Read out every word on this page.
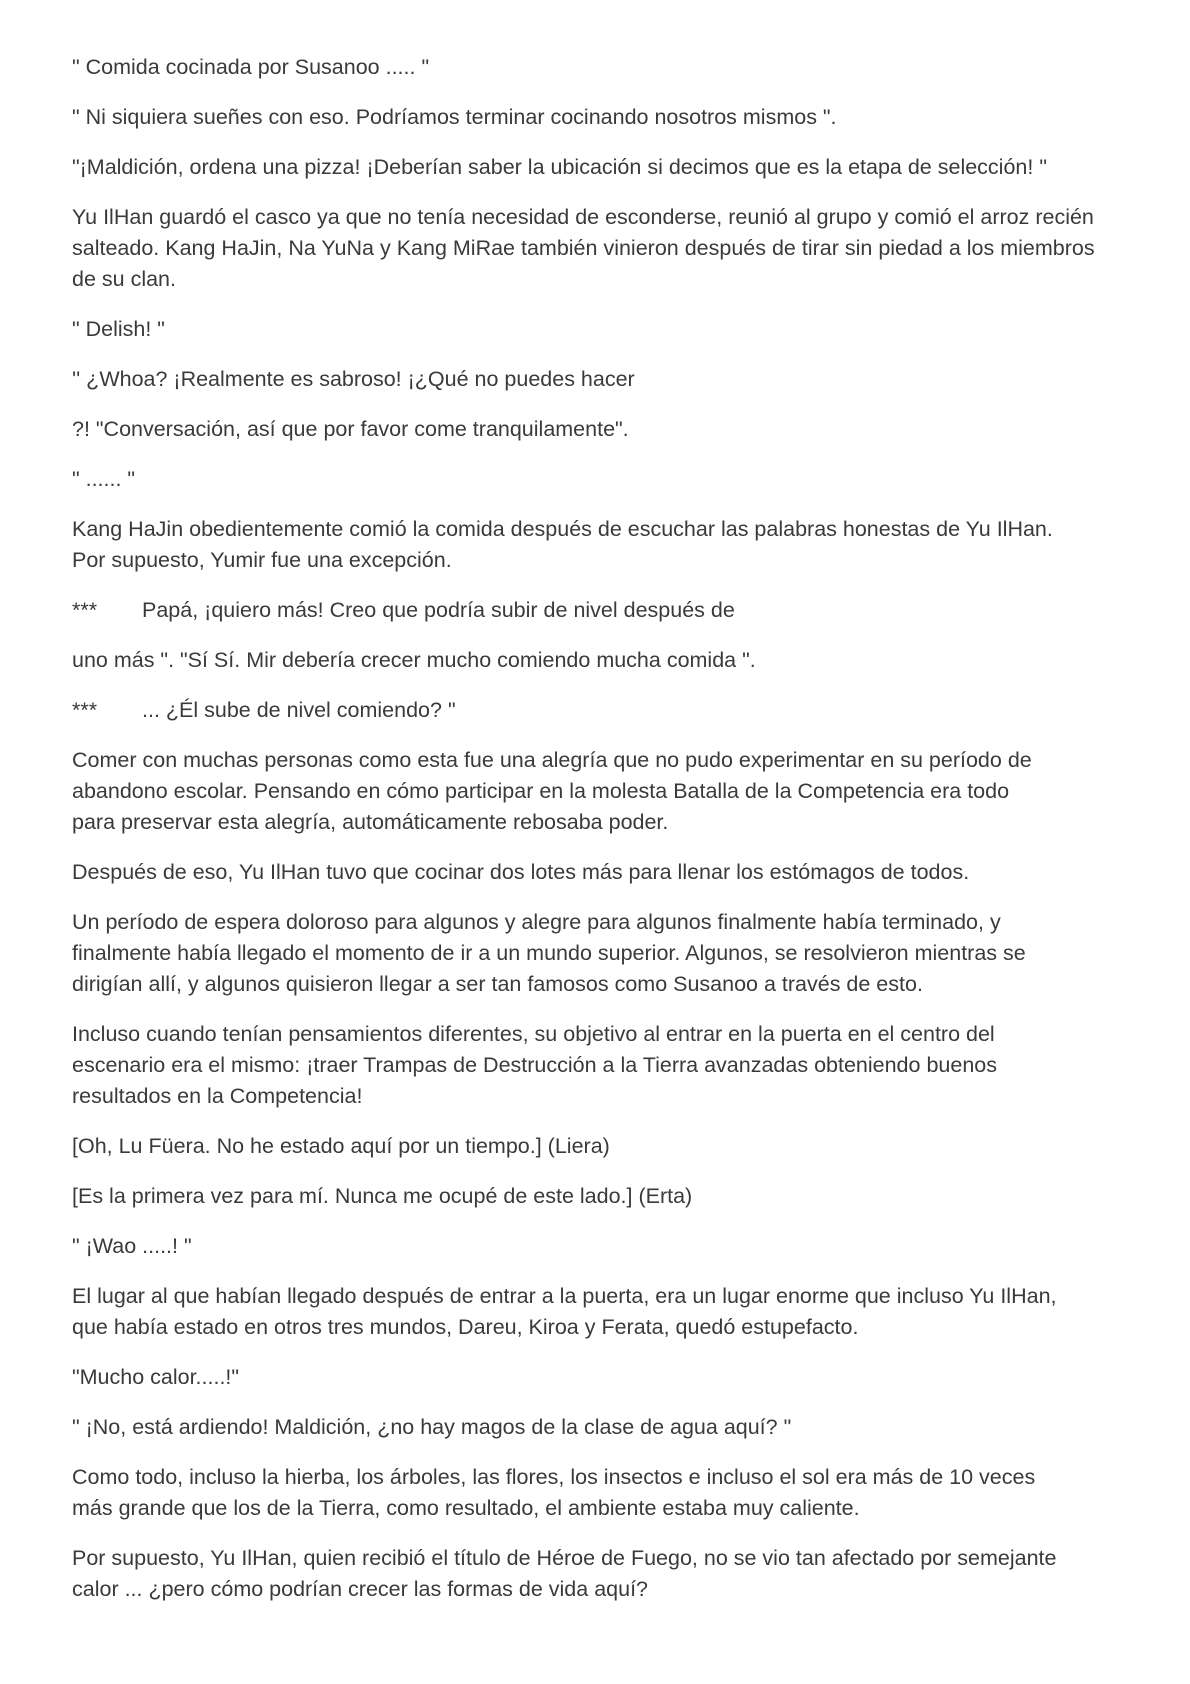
" Comida cocinada por Susanoo ..... "

" Ni siquiera sueñes con eso. Podríamos terminar cocinando nosotros mismos ".

"¡Maldición, ordena una pizza! ¡Deberían saber la ubicación si decimos que es la etapa de selección! "

Yu IlHan guardó el casco ya que no tenía necesidad de esconderse, reunió al grupo y comió el arroz recién
salteado. Kang HaJin, Na YuNa y Kang MiRae también vinieron después de tirar sin piedad a los miembros
de su clan.

" Delish! "

'' ¿Whoa? ¡Realmente es sabroso! ¡¿Qué no puedes hacer

?! "Conversación, así que por favor come tranquilamente".

" ...... "

Kang HaJin obedientemente comió la comida después de escuchar las palabras honestas de Yu IlHan.
Por supuesto, Yumir fue una excepción.

***	Papá, ¡quiero más! Creo que podría subir de nivel después de

uno más ". "Sí Sí. Mir debería crecer mucho comiendo mucha comida ".

***	... ¿Él sube de nivel comiendo? "

Comer con muchas personas como esta fue una alegría que no pudo experimentar en su período de
abandono escolar. Pensando en cómo participar en la molesta Batalla de la Competencia era todo
para preservar esta alegría, automáticamente rebosaba poder.

Después de eso, Yu IlHan tuvo que cocinar dos lotes más para llenar los estómagos de todos.

Un período de espera doloroso para algunos y alegre para algunos finalmente había terminado, y
finalmente había llegado el momento de ir a un mundo superior. Algunos, se resolvieron mientras se
dirigían allí, y algunos quisieron llegar a ser tan famosos como Susanoo a través de esto.

Incluso cuando tenían pensamientos diferentes, su objetivo al entrar en la puerta en el centro del
escenario era el mismo: ¡traer Trampas de Destrucción a la Tierra avanzadas obteniendo buenos
resultados en la Competencia!

[Oh, Lu Füera. No he estado aquí por un tiempo.] (Liera)

[Es la primera vez para mí. Nunca me ocupé de este lado.] (Erta)

" ¡Wao .....! "

El lugar al que habían llegado después de entrar a la puerta, era un lugar enorme que incluso Yu IlHan,
que había estado en otros tres mundos, Dareu, Kiroa y Ferata, quedó estupefacto.

"Mucho calor.....!"

" ¡No, está ardiendo! Maldición, ¿no hay magos de la clase de agua aquí? "

Como todo, incluso la hierba, los árboles, las flores, los insectos e incluso el sol era más de 10 veces
más grande que los de la Tierra, como resultado, el ambiente estaba muy caliente.

Por supuesto, Yu IlHan, quien recibió el título de Héroe de Fuego, no se vio tan afectado por semejante
calor ... ¿pero cómo podrían crecer las formas de vida aquí?
